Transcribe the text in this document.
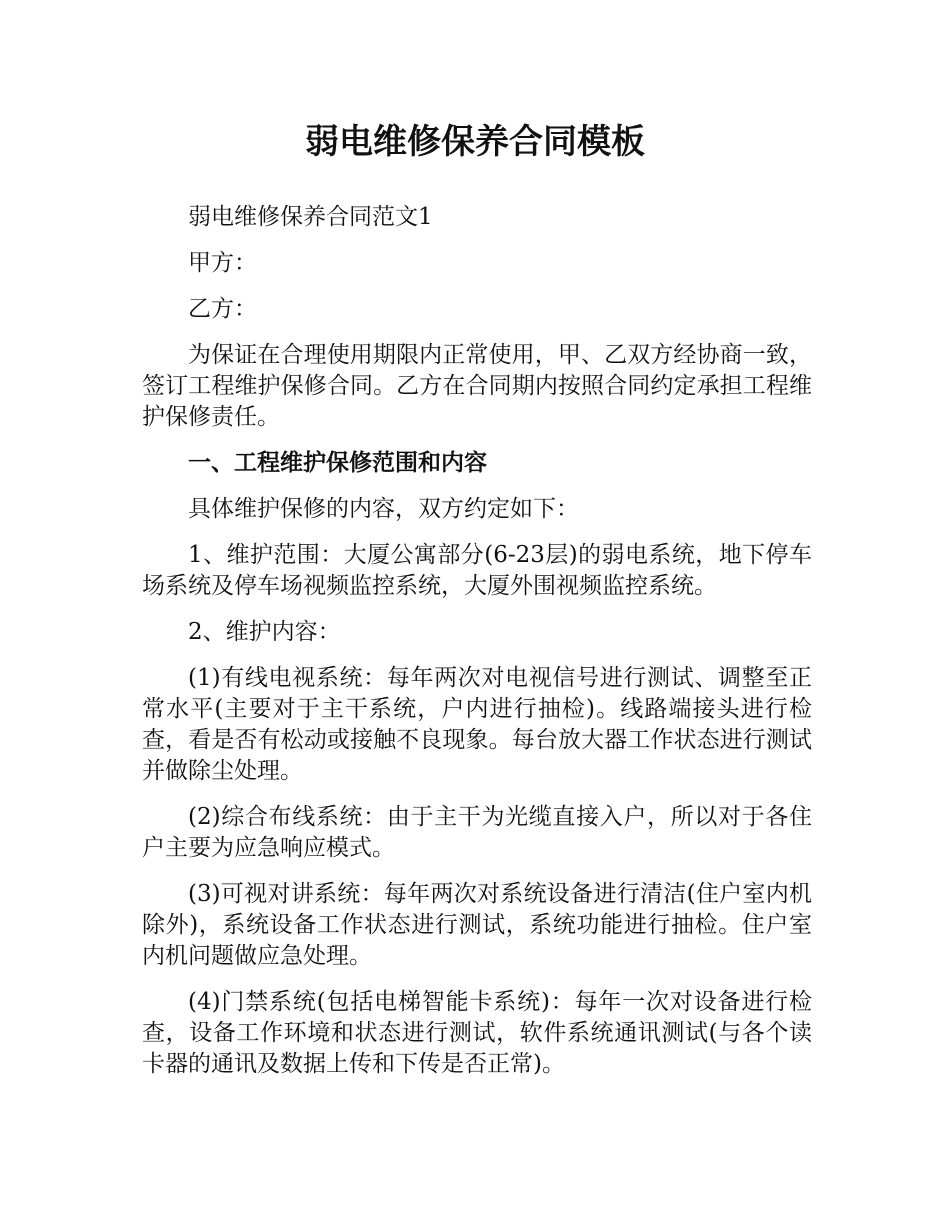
弱电维修保养合同模板

弱电维修保养合同范文1

甲方：

乙方：

为保证在合理使用期限内正常使用，甲、乙双方经协商一致，签订工程维护保修合同。乙方在合同期内按照合同约定承担工程维护保修责任。

一、工程维护保修范围和内容

具体维护保修的内容，双方约定如下：

1、维护范围：大厦公寓部分(6-23层)的弱电系统，地下停车场系统及停车场视频监控系统，大厦外围视频监控系统。

2、维护内容：

(1)有线电视系统：每年两次对电视信号进行测试、调整至正常水平(主要对于主干系统，户内进行抽检)。线路端接头进行检查，看是否有松动或接触不良现象。每台放大器工作状态进行测试并做除尘处理。

(2)综合布线系统：由于主干为光缆直接入户，所以对于各住户主要为应急响应模式。

(3)可视对讲系统：每年两次对系统设备进行清洁(住户室内机除外)，系统设备工作状态进行测试，系统功能进行抽检。住户室内机问题做应急处理。

(4)门禁系统(包括电梯智能卡系统)：每年一次对设备进行检查，设备工作环境和状态进行测试，软件系统通讯测试(与各个读卡器的通讯及数据上传和下传是否正常)。
